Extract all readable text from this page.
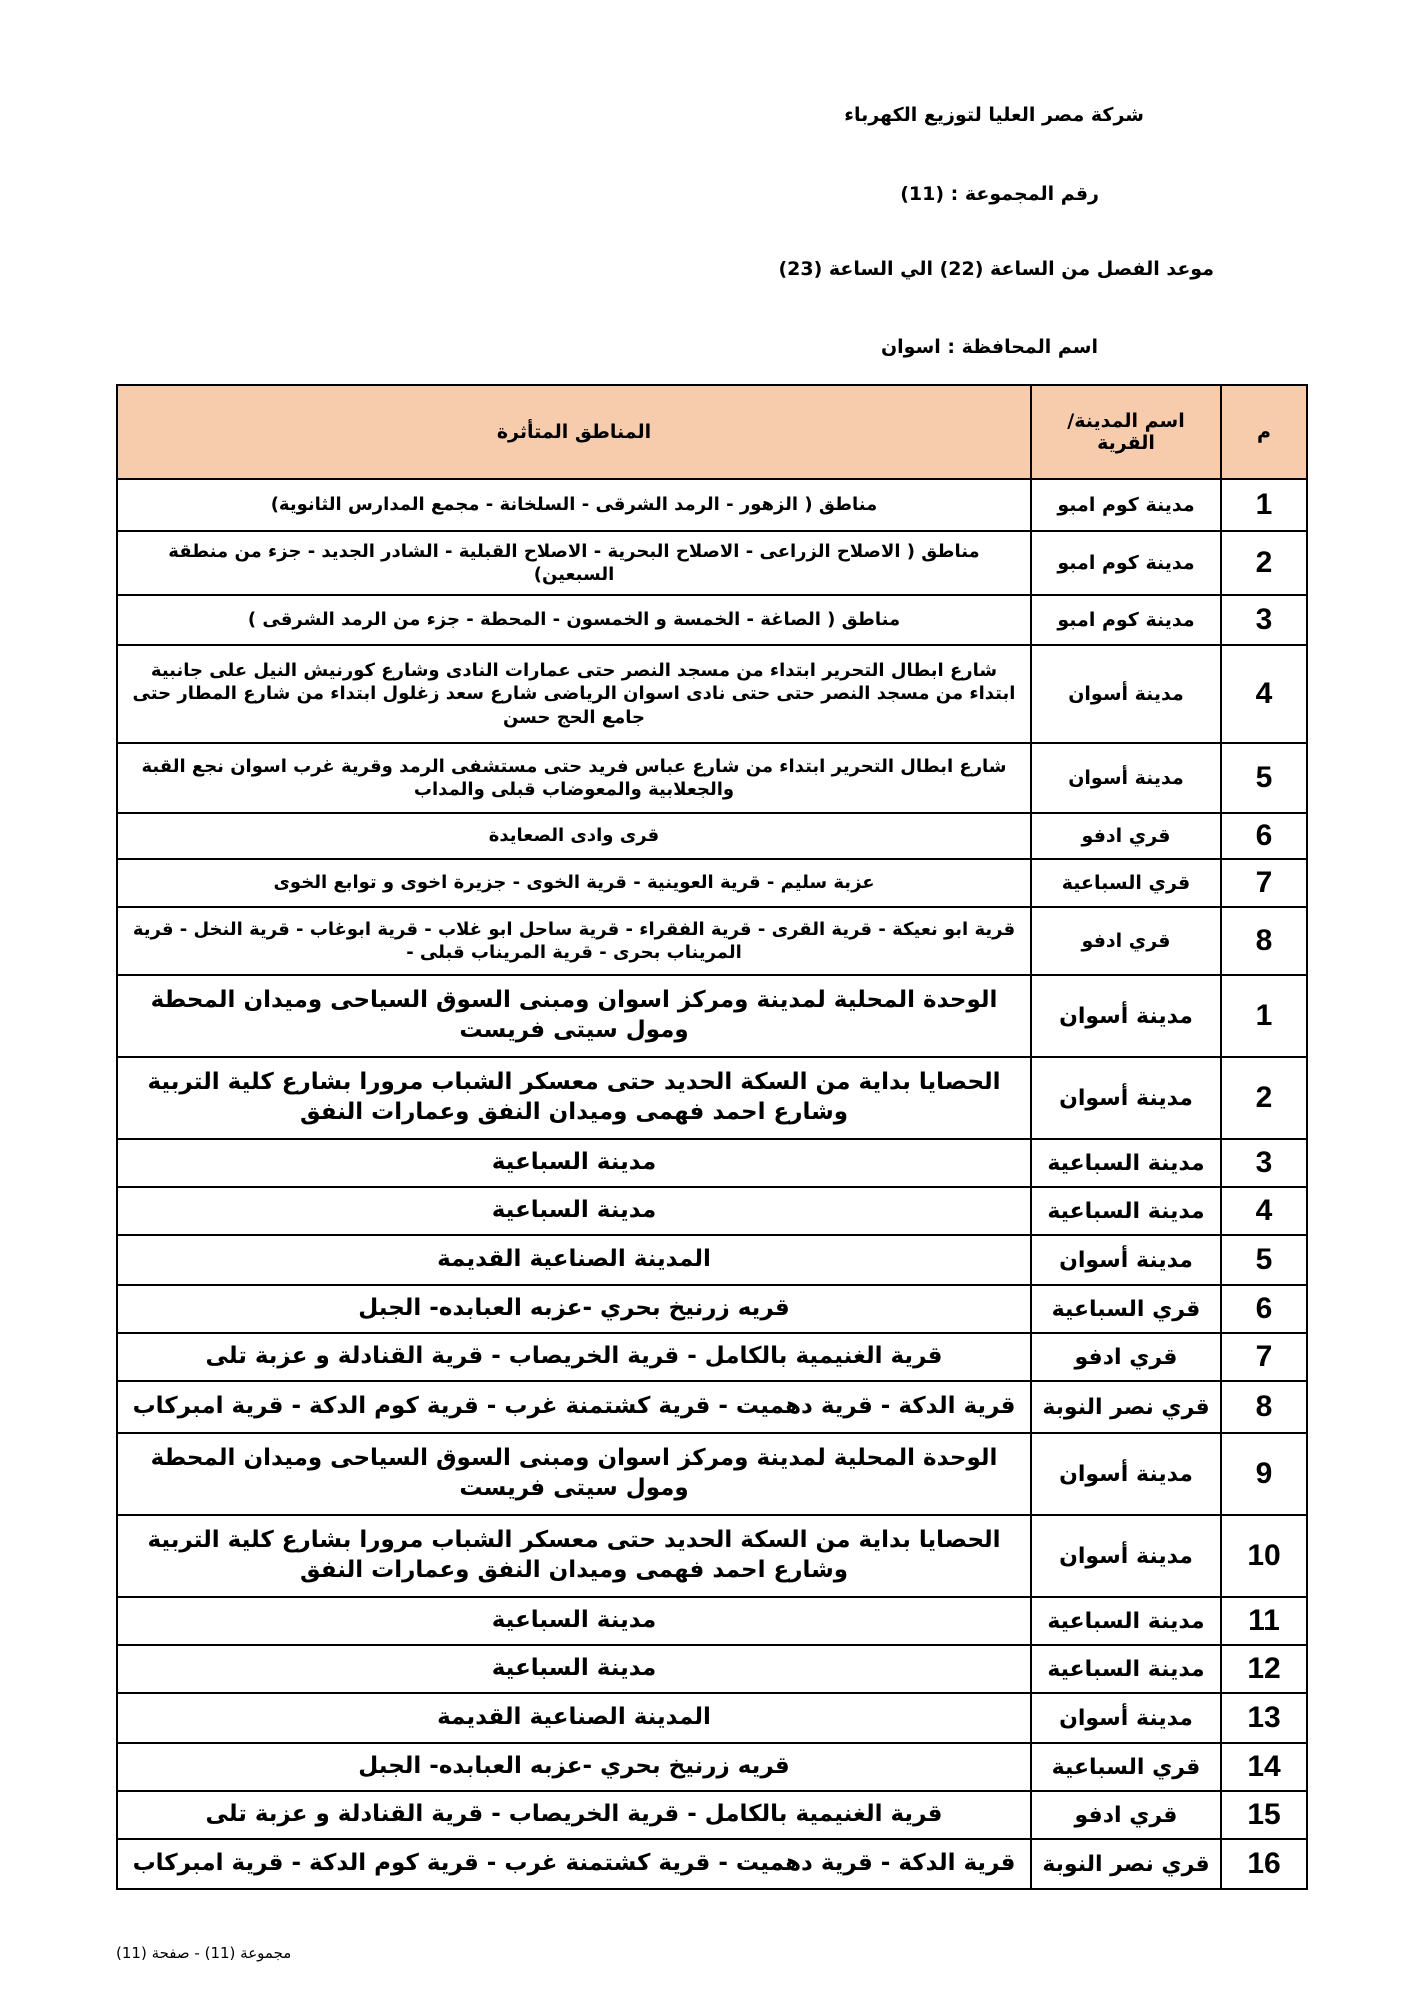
شركة مصر العليا لتوزيع الكهرباء
رقم المجموعة : (11)
موعد الفصل من الساعة (22) الي الساعة (23)
اسم المحافظة : اسوان
م	اسم المدينة/ القرية	المناطق المتأثرة
1	مدينة كوم امبو	مناطق ( الزهور - الرمد الشرقى - السلخانة - مجمع المدارس الثانوية)
2	مدينة كوم امبو	مناطق ( الاصلاح الزراعى - الاصلاح البحرية - الاصلاح القبلية - الشادر الجديد - جزء من منطقة السبعين)
3	مدينة كوم امبو	مناطق ( الصاغة - الخمسة و الخمسون - المحطة - جزء من الرمد الشرقى )
4	مدينة أسوان	شارع ابطال التحرير ابتداء من مسجد النصر حتى عمارات النادى وشارع كورنيش النيل على جانبية ابتداء من مسجد النصر حتى حتى نادى اسوان الرياضى شارع سعد زغلول ابتداء من شارع المطار حتى جامع الحج حسن
5	مدينة أسوان	شارع ابطال التحرير ابتداء من شارع عباس فريد حتى مستشفى الرمد وقرية غرب اسوان نجع القبة والجعلابية والمعوضاب قبلى والمداب
6	قري ادفو	قرى وادى الصعايدة
7	قري السباعية	عزبة سليم - قرية العوينية - قرية الخوى - جزيرة اخوى و توابع الخوى
8	قري ادفو	قرية ابو نعيكة - قرية القرى - قرية الفقراء - قرية ساحل ابو غلاب - قرية ابوغاب - قرية النخل - قرية المريناب بحرى - قرية المريناب قبلى -
1	مدينة أسوان	الوحدة المحلية لمدينة ومركز اسوان ومبنى السوق السياحى وميدان المحطة ومول سيتى فريست
2	مدينة أسوان	الحصايا بداية من السكة الحديد حتى معسكر الشباب مرورا بشارع كلية التربية وشارع احمد فهمى وميدان النفق وعمارات النفق
3	مدينة السباعية	مدينة السباعية
4	مدينة السباعية	مدينة السباعية
5	مدينة أسوان	المدينة الصناعية القديمة
6	قري السباعية	قريه زرنيخ بحري -عزبه العبابده- الجبل
7	قري ادفو	قرية الغنيمية بالكامل - قرية الخريصاب - قرية القنادلة و عزبة تلى
8	قري نصر النوبة	قرية الدكة - قرية دهميت - قرية كشتمنة غرب - قرية كوم الدكة - قرية امبركاب
9	مدينة أسوان	الوحدة المحلية لمدينة ومركز اسوان ومبنى السوق السياحى وميدان المحطة ومول سيتى فريست
10	مدينة أسوان	الحصايا بداية من السكة الحديد حتى معسكر الشباب مرورا بشارع كلية التربية وشارع احمد فهمى وميدان النفق وعمارات النفق
11	مدينة السباعية	مدينة السباعية
12	مدينة السباعية	مدينة السباعية
13	مدينة أسوان	المدينة الصناعية القديمة
14	قري السباعية	قريه زرنيخ بحري -عزبه العبابده- الجبل
15	قري ادفو	قرية الغنيمية بالكامل - قرية الخريصاب - قرية القنادلة و عزبة تلى
16	قري نصر النوبة	قرية الدكة - قرية دهميت - قرية كشتمنة غرب - قرية كوم الدكة - قرية امبركاب
مجموعة (11) - صفحة (11)
